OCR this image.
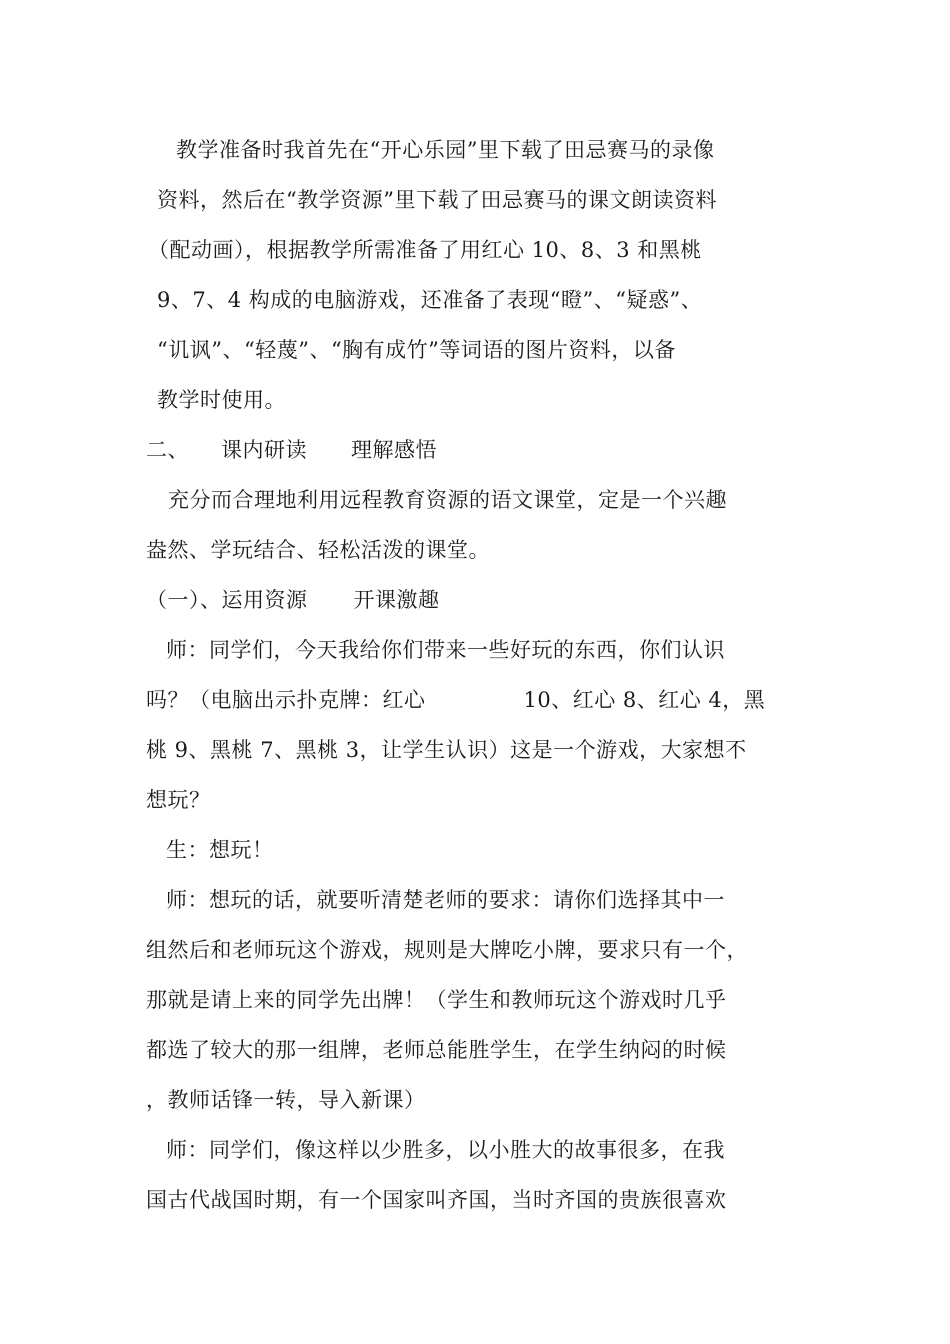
教学准备时我首先在“开心乐园”里下载了田忌赛马的录像
资料，然后在“教学资源”里下载了田忌赛马的课文朗读资料
（配动画），根据教学所需准备了用红心 10、8、3 和黑桃
9、7、4 构成的电脑游戏，还准备了表现“瞪”、“疑惑”、
“讥讽”、“轻蔑”、“胸有成竹”等词语的图片资料，以备
教学时使用。
二、 课内研读 理解感悟
充分而合理地利用远程教育资源的语文课堂，定是一个兴趣
盎然、学玩结合、轻松活泼的课堂。
（一）、运用资源 开课激趣
师：同学们，今天我给你们带来一些好玩的东西，你们认识
吗？（电脑出示扑克牌：红心	10、红心 8、红心 4，黑
桃 9、黑桃 7、黑桃 3，让学生认识）这是一个游戏，大家想不
想玩？
生：想玩！
师：想玩的话，就要听清楚老师的要求：请你们选择其中一
组然后和老师玩这个游戏，规则是大牌吃小牌，要求只有一个，
那就是请上来的同学先出牌！（学生和教师玩这个游戏时几乎
都选了较大的那一组牌，老师总能胜学生，在学生纳闷的时候
，教师话锋一转，导入新课）
师：同学们，像这样以少胜多，以小胜大的故事很多，在我
国古代战国时期，有一个国家叫齐国，当时齐国的贵族很喜欢
